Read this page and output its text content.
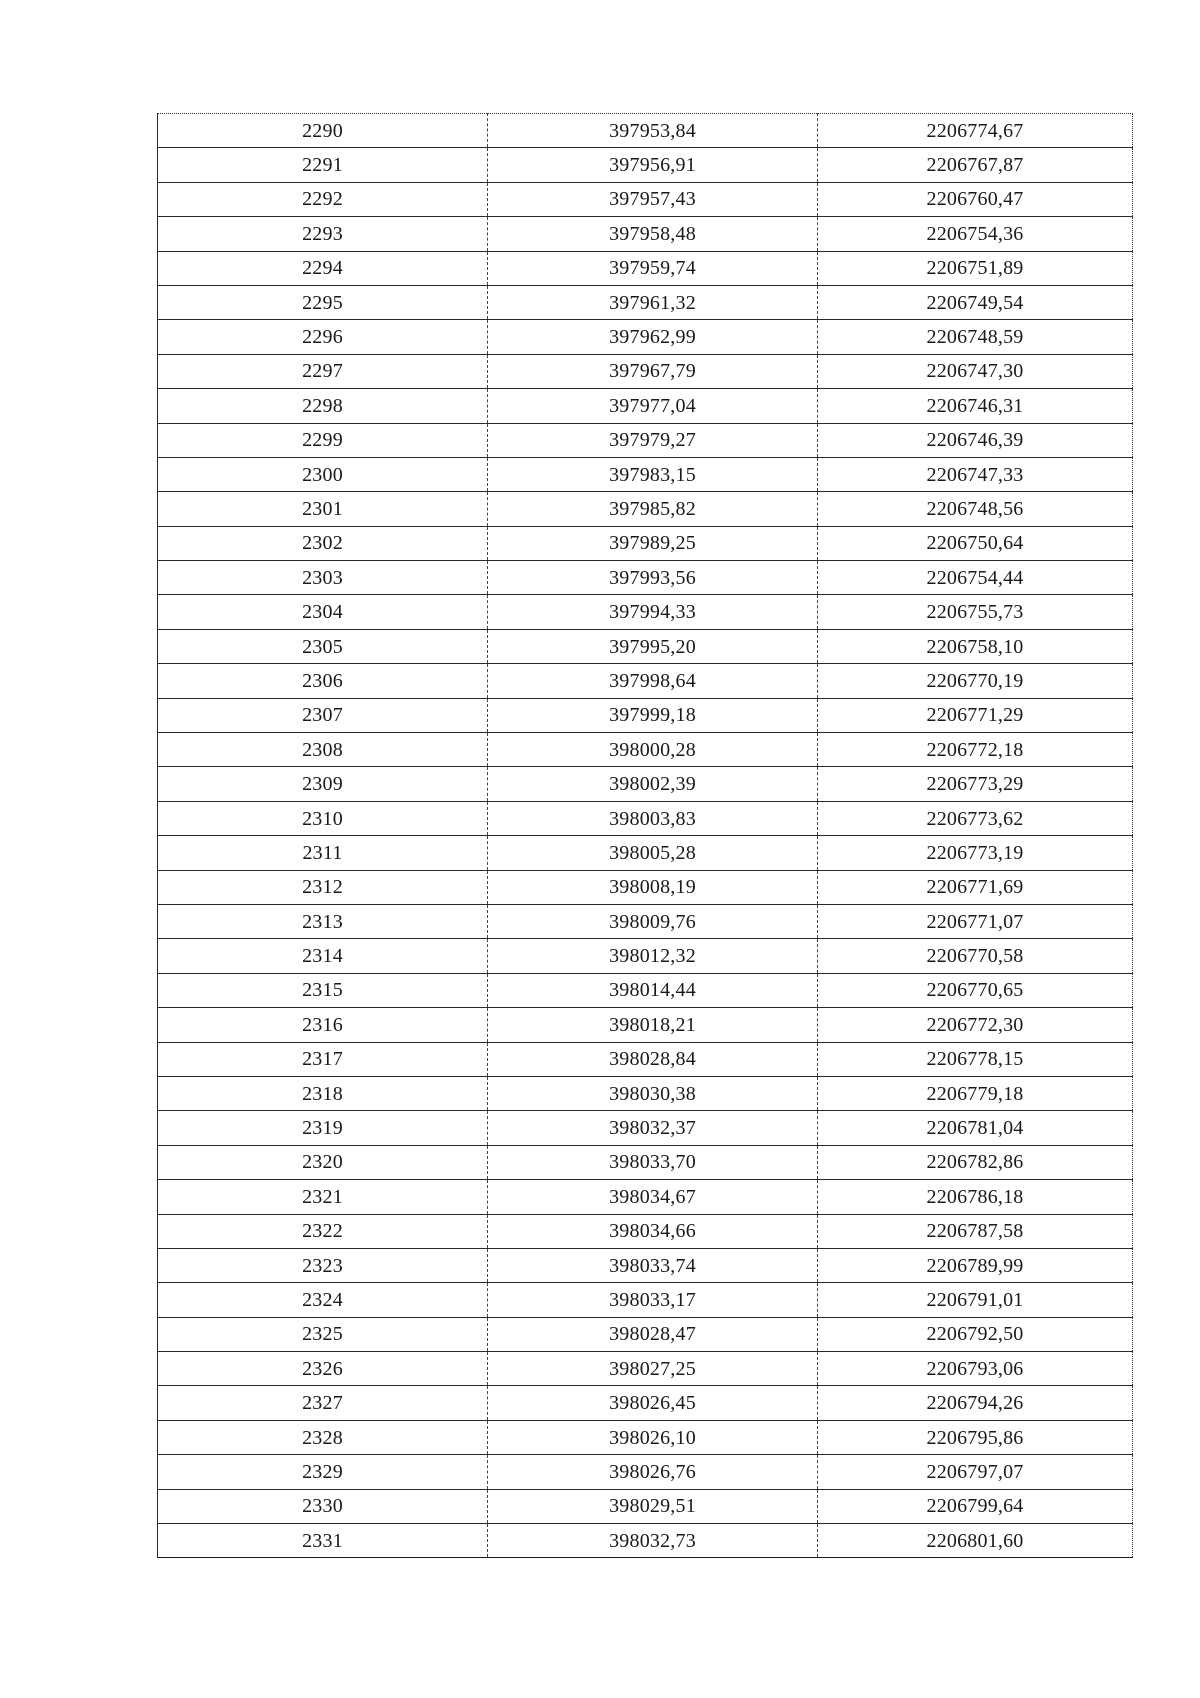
2290	397953,84	2206774,67
2291	397956,91	2206767,87
2292	397957,43	2206760,47
2293	397958,48	2206754,36
2294	397959,74	2206751,89
2295	397961,32	2206749,54
2296	397962,99	2206748,59
2297	397967,79	2206747,30
2298	397977,04	2206746,31
2299	397979,27	2206746,39
2300	397983,15	2206747,33
2301	397985,82	2206748,56
2302	397989,25	2206750,64
2303	397993,56	2206754,44
2304	397994,33	2206755,73
2305	397995,20	2206758,10
2306	397998,64	2206770,19
2307	397999,18	2206771,29
2308	398000,28	2206772,18
2309	398002,39	2206773,29
2310	398003,83	2206773,62
2311	398005,28	2206773,19
2312	398008,19	2206771,69
2313	398009,76	2206771,07
2314	398012,32	2206770,58
2315	398014,44	2206770,65
2316	398018,21	2206772,30
2317	398028,84	2206778,15
2318	398030,38	2206779,18
2319	398032,37	2206781,04
2320	398033,70	2206782,86
2321	398034,67	2206786,18
2322	398034,66	2206787,58
2323	398033,74	2206789,99
2324	398033,17	2206791,01
2325	398028,47	2206792,50
2326	398027,25	2206793,06
2327	398026,45	2206794,26
2328	398026,10	2206795,86
2329	398026,76	2206797,07
2330	398029,51	2206799,64
2331	398032,73	2206801,60
